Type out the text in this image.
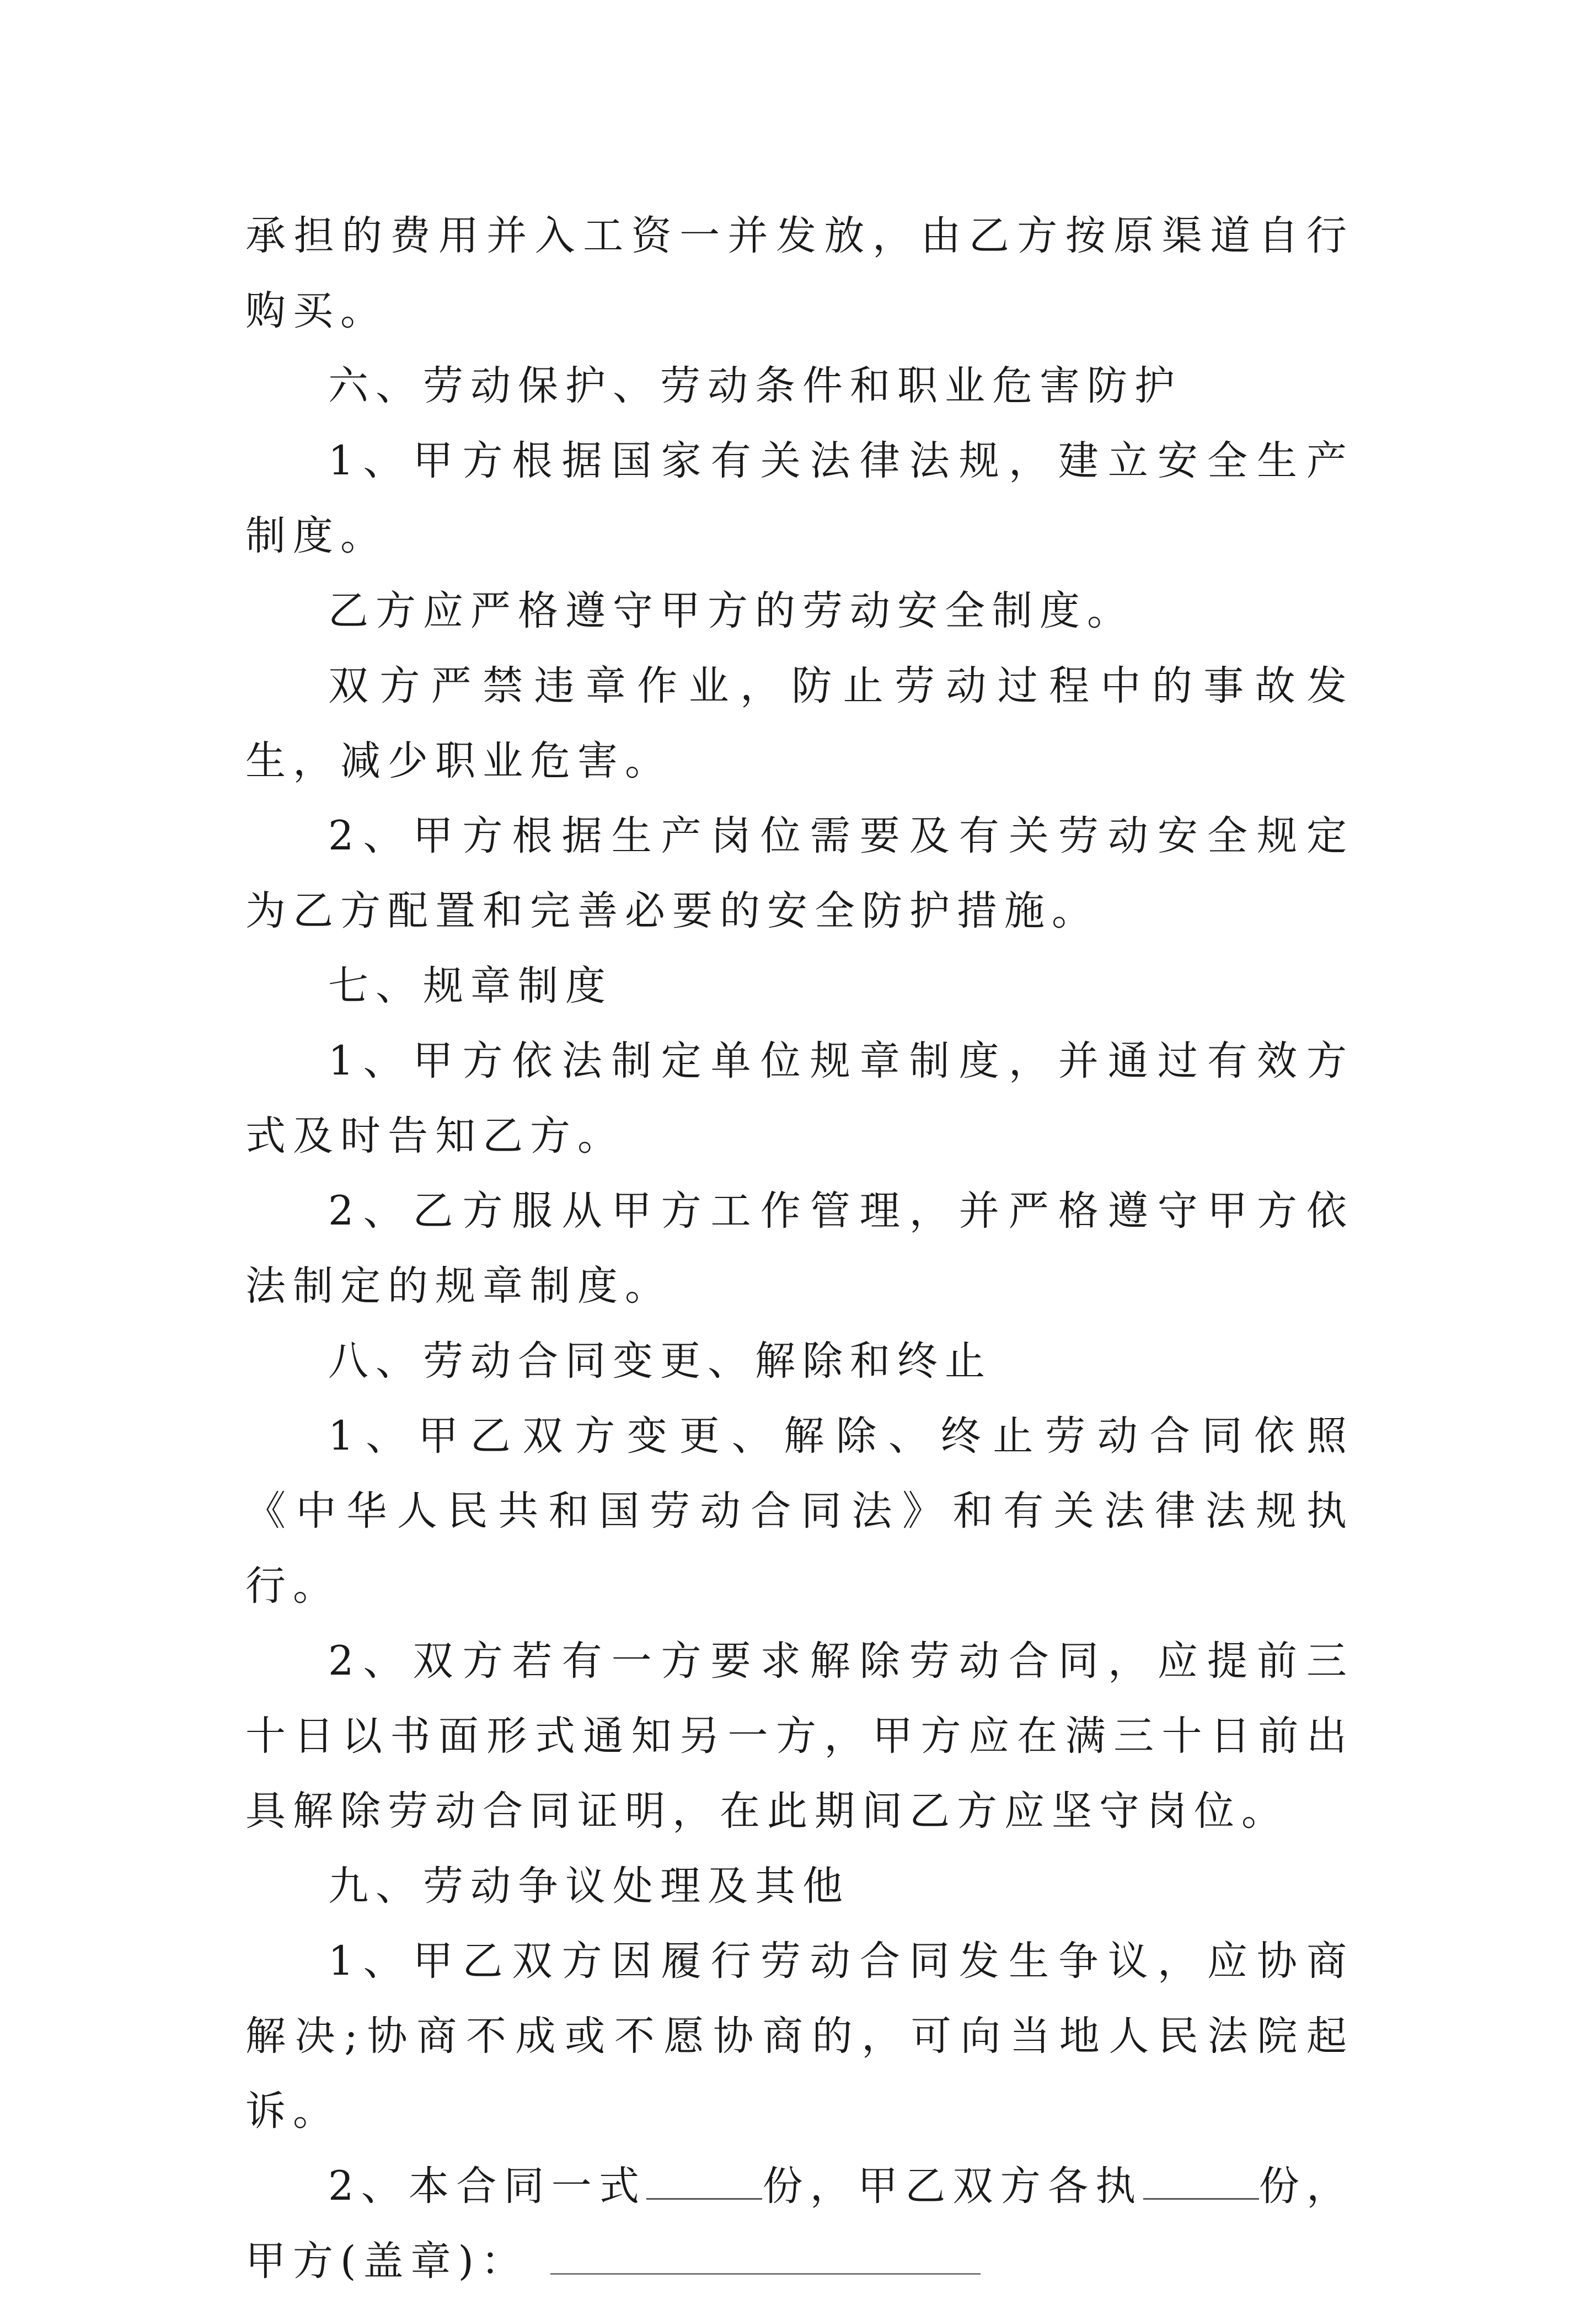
承担的费用并入工资一并发放，由乙方按原渠道自行购买。

六、劳动保护、劳动条件和职业危害防护

1、甲方根据国家有关法律法规，建立安全生产制度。

乙方应严格遵守甲方的劳动安全制度。

双方严禁违章作业，防止劳动过程中的事故发生，减少职业危害。

2、甲方根据生产岗位需要及有关劳动安全规定为乙方配置和完善必要的安全防护措施。

七、规章制度

1、甲方依法制定单位规章制度，并通过有效方式及时告知乙方。

2、乙方服从甲方工作管理，并严格遵守甲方依法制定的规章制度。

八、劳动合同变更、解除和终止

1、甲乙双方变更、解除、终止劳动合同依照《中华人民共和国劳动合同法》和有关法律法规执行。

2、双方若有一方要求解除劳动合同，应提前三十日以书面形式通知另一方，甲方应在满三十日前出具解除劳动合同证明，在此期间乙方应坚守岗位。

九、劳动争议处理及其他

1、甲乙双方因履行劳动合同发生争议，应协商解决;协商不成或不愿协商的，可向当地人民法院起诉。

2、本合同一式	份，甲乙双方各执	份，甲方(盖章)：
